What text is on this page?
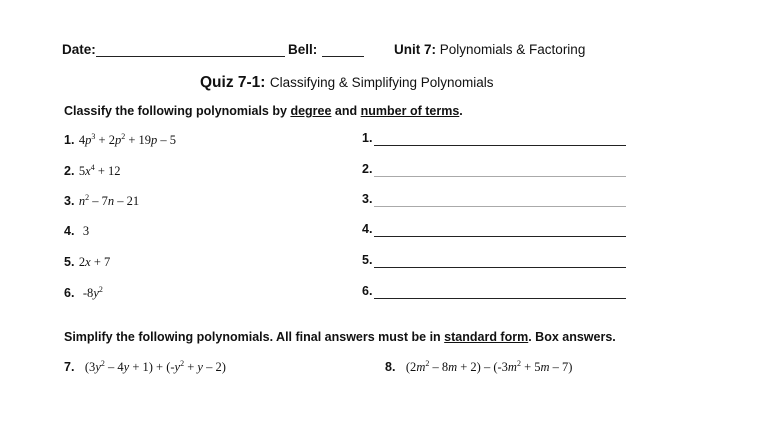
Date:	Bell:	Unit 7: Polynomials & Factoring
Quiz 7-1: Classifying & Simplifying Polynomials
Classify the following polynomials by degree and number of terms.
1. $4p^3 + 2p^2 + 19p - 5$	1.
2. $5x^4 + 12$	2.
3. $n^2 - 7n - 21$	3.
4. 3	4.
5. 2x + 7	5.
6. $-8y^2$	6.
Simplify the following polynomials. All final answers must be in standard form. Box answers.
7. $(3y^2 - 4y + 1) + (-y^2 + y - 2)$	8. $(2m^2 - 8m + 2) - (-3m^2 + 5m - 7)$
